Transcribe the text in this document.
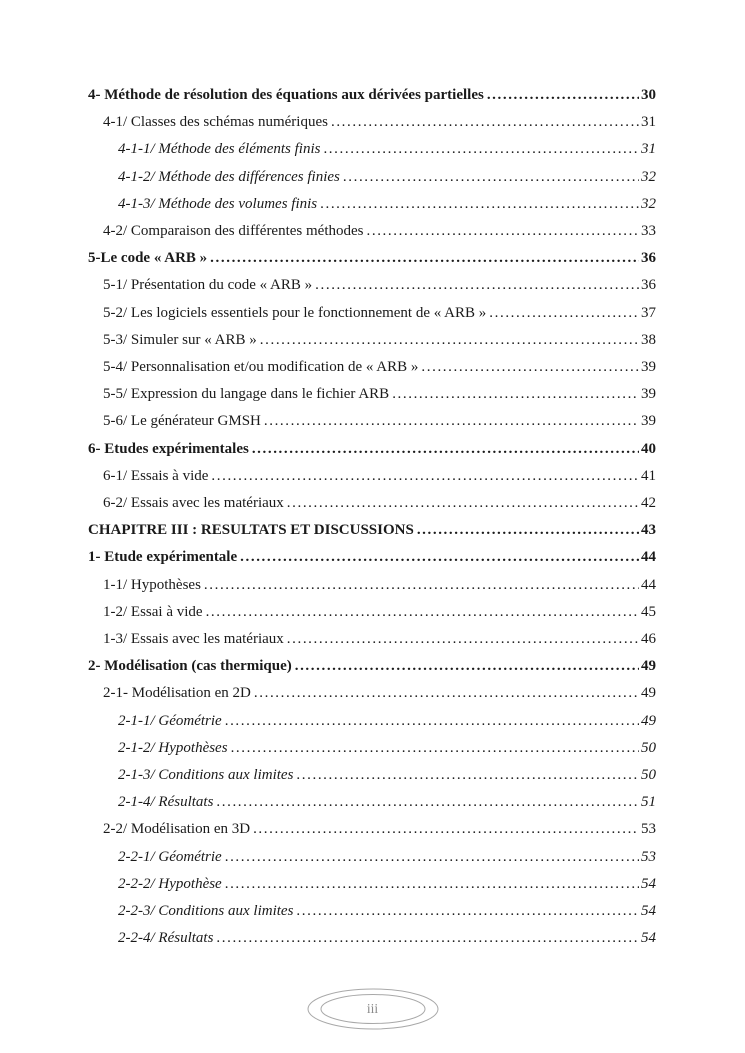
4- Méthode de résolution des équations aux dérivées partielles .....	30
4-1/ Classes des schémas numériques .....	31
4-1-1/ Méthode des éléments finis .....	31
4-1-2/ Méthode des différences finies .....	32
4-1-3/ Méthode des volumes finis .....	32
4-2/ Comparaison des différentes méthodes .....	33
5-Le code « ARB » .....	36
5-1/ Présentation du code « ARB » .....	36
5-2/ Les logiciels essentiels pour le fonctionnement de « ARB » .....	37
5-3/ Simuler sur « ARB » .....	38
5-4/ Personnalisation et/ou modification de « ARB » .....	39
5-5/ Expression du langage dans le fichier ARB .....	39
5-6/ Le générateur GMSH .....	39
6- Etudes expérimentales .....	40
6-1/ Essais à vide .....	41
6-2/ Essais avec les matériaux .....	42
CHAPITRE III : RESULTATS ET DISCUSSIONS .....	43
1- Etude expérimentale .....	44
1-1/ Hypothèses .....	44
1-2/ Essai à vide .....	45
1-3/ Essais avec les matériaux .....	46
2- Modélisation (cas thermique) .....	49
2-1- Modélisation en 2D .....	49
2-1-1/ Géométrie .....	49
2-1-2/ Hypothèses .....	50
2-1-3/ Conditions aux limites .....	50
2-1-4/ Résultats .....	51
2-2/ Modélisation en 3D .....	53
2-2-1/ Géométrie .....	53
2-2-2/ Hypothèse .....	54
2-2-3/ Conditions aux limites .....	54
2-2-4/ Résultats .....	54
iii
